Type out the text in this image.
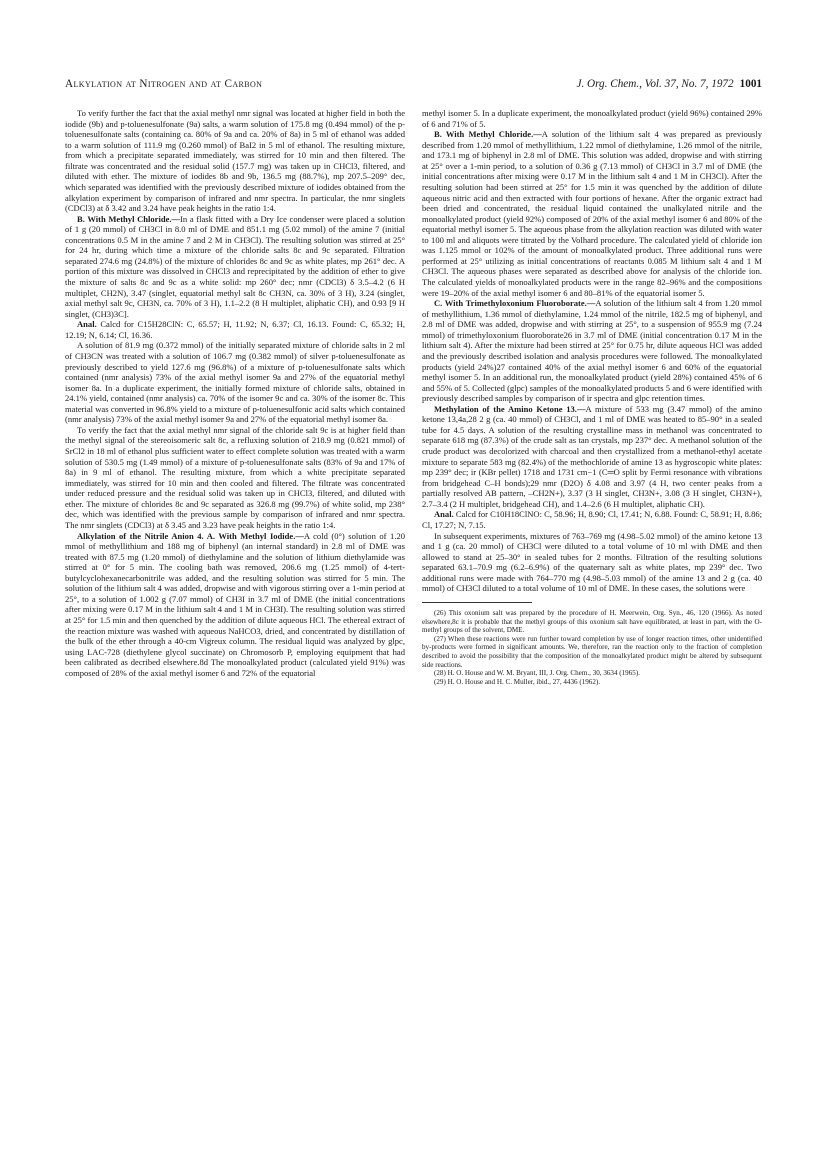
Alkylation at Nitrogen and at Carbon	J. Org. Chem., Vol. 37, No. 7, 1972 1001

To verify further the fact that the axial methyl nmr signal was located at higher field in both the iodide (9b) and p-toluenesulfonate (9a) salts, a warm solution of 175.8 mg (0.494 mmol) of the p-toluenesulfonate salts (containing ca. 80% of 9a and ca. 20% of 8a) in 5 ml of ethanol was added to a warm solution of 111.9 mg (0.260 mmol) of BaI2 in 5 ml of ethanol. The resulting mixture, from which a precipitate separated immediately, was stirred for 10 min and then filtered. The filtrate was concentrated and the residual solid (157.7 mg) was taken up in CHCl3, filtered, and diluted with ether. The mixture of iodides 8b and 9b, 136.5 mg (88.7%), mp 207.5–209° dec, which separated was identified with the previously described mixture of iodides obtained from the alkylation experiment by comparison of infrared and nmr spectra. In particular, the nmr singlets (CDCl3) at δ 3.42 and 3.24 have peak heights in the ratio 1:4.

B. With Methyl Chloride.—In a flask fitted with a Dry Ice condenser were placed a solution of 1 g (20 mmol) of CH3Cl in 8.0 ml of DME and 851.1 mg (5.02 mmol) of the amine 7 (initial concentrations 0.5 M in the amine 7 and 2 M in CH3Cl). The resulting solution was stirred at 25° for 24 hr, during which time a mixture of the chloride salts 8c and 9c separated. Filtration separated 274.6 mg (24.8%) of the mixture of chlorides 8c and 9c as white plates, mp 261° dec. A portion of this mixture was dissolved in CHCl3 and reprecipitated by the addition of ether to give the mixture of salts 8c and 9c as a white solid: mp 260° dec; nmr (CDCl3) δ 3.5–4.2 (6 H multiplet, CH2N), 3.47 (singlet, equatorial methyl salt 8c CH3N, ca. 30% of 3 H), 3.24 (singlet, axial methyl salt 9c, CH3N, ca. 70% of 3 H), 1.1–2.2 (8 H multiplet, aliphatic CH), and 0.93 [9 H singlet, (CH3)3C].

Anal. Calcd for C15H28ClN: C, 65.57; H, 11.92; N, 6.37; Cl, 16.13. Found: C, 65.32; H, 12.19; N, 6.14; Cl, 16.36.

A solution of 81.9 mg (0.372 mmol) of the initially separated mixture of chloride salts in 2 ml of CH3CN was treated with a solution of 106.7 mg (0.382 mmol) of silver p-toluenesulfonate as previously described to yield 127.6 mg (96.8%) of a mixture of p-toluenesulfonate salts which contained (nmr analysis) 73% of the axial methyl isomer 9a and 27% of the equatorial methyl isomer 8a. In a duplicate experiment, the initially formed mixture of chloride salts, obtained in 24.1% yield, contained (nmr analysis) ca. 70% of the isomer 9c and ca. 30% of the isomer 8c. This material was converted in 96.8% yield to a mixture of p-toluenesulfonic acid salts which contained (nmr analysis) 73% of the axial methyl isomer 9a and 27% of the equatorial methyl isomer 8a.

To verify the fact that the axial methyl nmr signal of the chloride salt 9c is at higher field than the methyl signal of the stereoisomeric salt 8c, a refluxing solution of 218.9 mg (0.821 mmol) of SrCl2 in 18 ml of ethanol plus sufficient water to effect complete solution was treated with a warm solution of 530.5 mg (1.49 mmol) of a mixture of p-toluenesulfonate salts (83% of 9a and 17% of 8a) in 9 ml of ethanol. The resulting mixture, from which a white precipitate separated immediately, was stirred for 10 min and then cooled and filtered. The filtrate was concentrated under reduced pressure and the residual solid was taken up in CHCl3, filtered, and diluted with ether. The mixture of chlorides 8c and 9c separated as 326.8 mg (99.7%) of white solid, mp 238° dec, which was identified with the previous sample by comparison of infrared and nmr spectra. The nmr singlets (CDCl3) at δ 3.45 and 3.23 have peak heights in the ratio 1:4.

Alkylation of the Nitrile Anion 4. A. With Methyl Iodide.—A cold (0°) solution of 1.20 mmol of methyllithium and 188 mg of biphenyl (an internal standard) in 2.8 ml of DME was treated with 87.5 mg (1.20 mmol) of diethylamine and the solution of lithium diethylamide was stirred at 0° for 5 min. The cooling bath was removed, 206.6 mg (1.25 mmol) of 4-tert-butylcyclohexanecarbonitrile was added, and the resulting solution was stirred for 5 min. The solution of the lithium salt 4 was added, dropwise and with vigorous stirring over a 1-min period at 25°, to a solution of 1.002 g (7.07 mmol) of CH3I in 3.7 ml of DME (the initial concentrations after mixing were 0.17 M in the lithium salt 4 and 1 M in CH3I). The resulting solution was stirred at 25° for 1.5 min and then quenched by the addition of dilute aqueous HCl. The ethereal extract of the reaction mixture was washed with aqueous NaHCO3, dried, and concentrated by distillation of the bulk of the ether through a 40-cm Vigreux column. The residual liquid was analyzed by glpc, using LAC-728 (diethylene glycol succinate) on Chromosorb P, employing equipment that had been calibrated as decribed elsewhere.8d The monoalkylated product (calculated yield 91%) was composed of 28% of the axial methyl isomer 6 and 72% of the equatorial

methyl isomer 5. In a duplicate experiment, the monoalkylated product (yield 96%) contained 29% of 6 and 71% of 5.

B. With Methyl Chloride.—A solution of the lithium salt 4 was prepared as previously described from 1.20 mmol of methyllithium, 1.22 mmol of diethylamine, 1.26 mmol of the nitrile, and 173.1 mg of biphenyl in 2.8 ml of DME. This solution was added, dropwise and with stirring at 25° over a 1-min period, to a solution of 0.36 g (7.13 mmol) of CH3Cl in 3.7 ml of DME (the initial concentrations after mixing were 0.17 M in the lithium salt 4 and 1 M in CH3Cl). After the resulting solution had been stirred at 25° for 1.5 min it was quenched by the addition of dilute aqueous nitric acid and then extracted with four portions of hexane. After the organic extract had been dried and concentrated, the residual liquid contained the unalkylated nitrile and the monoalkylated product (yield 92%) composed of 20% of the axial methyl isomer 6 and 80% of the equatorial methyl isomer 5. The aqueous phase from the alkylation reaction was diluted with water to 100 ml and aliquots were titrated by the Volhard procedure. The calculated yield of chloride ion was 1.125 mmol or 102% of the amount of monoalkylated product. Three additional runs were performed at 25° utilizing as initial concentrations of reactants 0.085 M lithium salt 4 and 1 M CH3Cl. The aqueous phases were separated as described above for analysis of the chloride ion. The calculated yields of monoalkylated products were in the range 82–96% and the compositions were 19–20% of the axial methyl isomer 6 and 80–81% of the equatorial isomer 5.

C. With Trimethyloxonium Fluoroborate.—A solution of the lithium salt 4 from 1.20 mmol of methyllithium, 1.36 mmol of diethylamine, 1.24 mmol of the nitrile, 182.5 mg of biphenyl, and 2.8 ml of DME was added, dropwise and with stirring at 25°, to a suspension of 955.9 mg (7.24 mmol) of trimethyloxonium fluoroborate26 in 3.7 ml of DME (initial concentration 0.17 M in the lithium salt 4). After the mixture had been stirred at 25° for 0.75 hr, dilute aqueous HCl was added and the previously described isolation and analysis procedures were followed. The monoalkylated products (yield 24%)27 contained 40% of the axial methyl isomer 6 and 60% of the equatorial methyl isomer 5. In an additional run, the monoalkylated product (yield 28%) contained 45% of 6 and 55% of 5. Collected (glpc) samples of the monoalkylated products 5 and 6 were identified with previously described samples by comparison of ir spectra and glpc retention times.

Methylation of the Amino Ketone 13.—A mixture of 533 mg (3.47 mmol) of the amino ketone 13,4a,28 2 g (ca. 40 mmol) of CH3Cl, and 1 ml of DME was heated to 85–90° in a sealed tube for 4.5 days. A solution of the resulting crystalline mass in methanol was concentrated to separate 618 mg (87.3%) of the crude salt as tan crystals, mp 237° dec. A methanol solution of the crude product was decolorized with charcoal and then crystallized from a methanol-ethyl acetate mixture to separate 583 mg (82.4%) of the methochloride of amine 13 as hygroscopic white plates: mp 239° dec; ir (KBr pellet) 1718 and 1731 cm−1 (C═O split by Fermi resonance with vibrations from bridgehead C–H bonds);29 nmr (D2O) δ 4.08 and 3.97 (4 H, two center peaks from a partially resolved AB pattern, –CH2N+), 3.37 (3 H singlet, CH3N+, 3.08 (3 H singlet, CH3N+), 2.7–3.4 (2 H multiplet, bridgehead CH), and 1.4–2.6 (6 H multiplet, aliphatic CH).

Anal. Calcd for C10H18ClNO: C, 58.96; H, 8.90; Cl, 17.41; N, 6.88. Found: C, 58.91; H, 8.86; Cl, 17.27; N, 7.15.

In subsequent experiments, mixtures of 763–769 mg (4.98–5.02 mmol) of the amino ketone 13 and 1 g (ca. 20 mmol) of CH3Cl were diluted to a total volume of 10 ml with DME and then allowed to stand at 25–30° in sealed tubes for 2 months. Filtration of the resulting solutions separated 63.1–70.9 mg (6.2–6.9%) of the quaternary salt as white plates, mp 239° dec. Two additional runs were made with 764–770 mg (4.98–5.03 mmol) of the amine 13 and 2 g (ca. 40 mmol) of CH3Cl diluted to a total volume of 10 ml of DME. In these cases, the solutions were

(26) This oxonium salt was prepared by the procedure of H. Meerwein, Org. Syn., 46, 120 (1966). As noted elsewhere,8c it is probable that the methyl groups of this oxonium salt have equilibrated, at least in part, with the O-methyl groups of the solvent, DME.

(27) When these reactions were run further toward completion by use of longer reaction times, other unidentified by-products were formed in significant amounts. We, therefore, ran the reaction only to the fraction of completion described to avoid the possibility that the composition of the monoalkylated product might be altered by subsequent side reactions.

(28) H. O. House and W. M. Bryant, III, J. Org. Chem., 30, 3634 (1965).

(29) H. O. House and H. C. Muller, ibid., 27, 4436 (1962).
